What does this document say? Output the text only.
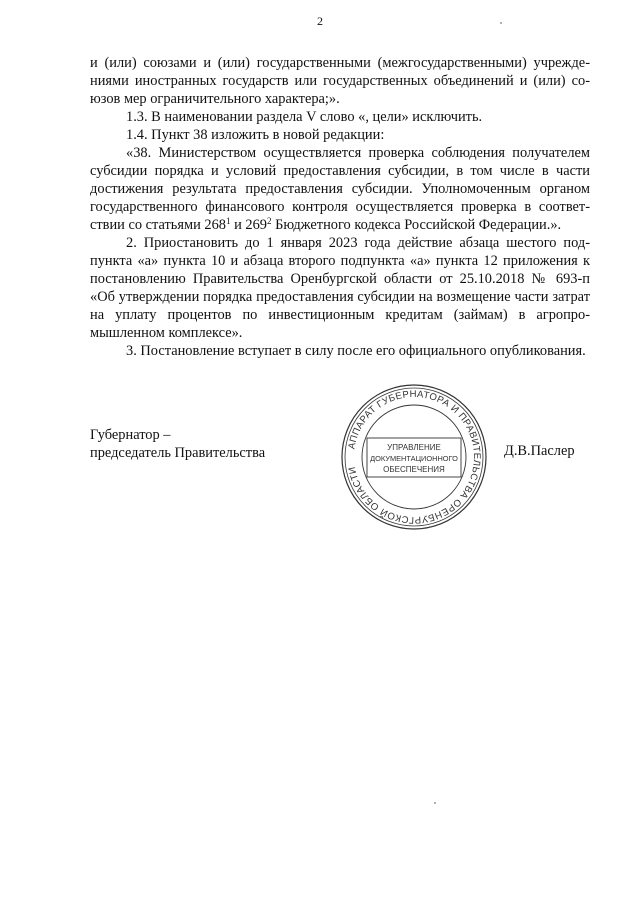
2

и (или) союзами и (или) государственными (межгосударственными) учреждениями иностранных государств или государственных объединений и (или) союзов мер ограничительного характера;».

1.3. В наименовании раздела V слово «, цели» исключить.

1.4. Пункт 38 изложить в новой редакции:

«38. Министерством осуществляется проверка соблюдения получателем субсидии порядка и условий предоставления субсидии, в том числе в части достижения результата предоставления субсидии. Уполномоченным органом государственного финансового контроля осуществляется проверка в соответствии со статьями $268^1$ и $269^2$ Бюджетного кодекса Российской Федерации.».

2. Приостановить до 1 января 2023 года действие абзаца шестого подпункта «а» пункта 10 и абзаца второго подпункта «а» пункта 12 приложения к постановлению Правительства Оренбургской области от 25.10.2018 № 693-п «Об утверждении порядка предоставления субсидии на возмещение части затрат на уплату процентов по инвестиционным кредитам (займам) в агропромышленном комплексе».

3. Постановление вступает в силу после его официального опубликования.

Губернатор –
председатель Правительства	АППАРАТ ГУБЕРНАТОРА И ПРАВИТЕЛЬСТВА ОРЕНБУРГСКОЙ ОБЛАСТИ
УПРАВЛЕНИЕ
ДОКУМЕНТАЦИОННОГО
ОБЕСПЕЧЕНИЯ
Д.В.Паслер
